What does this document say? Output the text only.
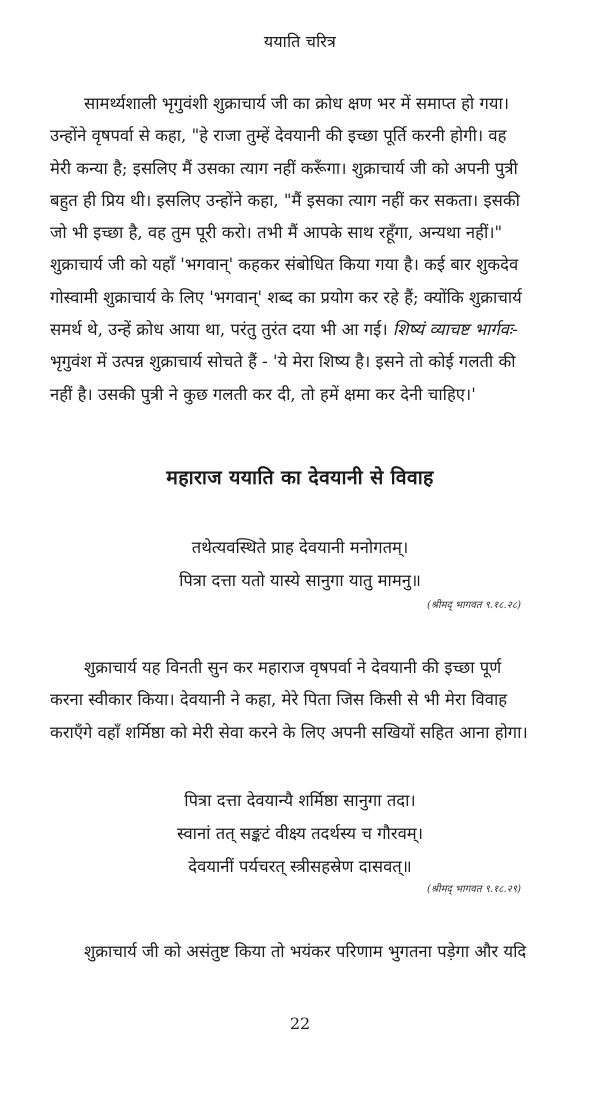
ययाति चरित्र
सामर्थ्यशाली भृगुवंशी शुक्राचार्य जी का क्रोध क्षण भर में समाप्त हो गया।
उन्होंने वृषपर्वा से कहा, "हे राजा तुम्हें देवयानी की इच्छा पूर्ति करनी होगी। वह
मेरी कन्या है; इसलिए मैं उसका त्याग नहीं करूँगा। शुक्राचार्य जी को अपनी पुत्री
बहुत ही प्रिय थी। इसलिए उन्होंने कहा, "मैं इसका त्याग नहीं कर सकता। इसकी
जो भी इच्छा है, वह तुम पूरी करो। तभी मैं आपके साथ रहूँगा, अन्यथा नहीं।"
शुक्राचार्य जी को यहाँ 'भगवान्' कहकर संबोधित किया गया है। कई बार शुकदेव
गोस्वामी शुक्राचार्य के लिए 'भगवान्' शब्द का प्रयोग कर रहे हैं; क्योंकि शुक्राचार्य
समर्थ थे, उन्हें क्रोध आया था, परंतु तुरंत दया भी आ गई। शिष्यं व्याचष्ट भार्गवः-
भृगुवंश में उत्पन्न शुक्राचार्य सोचते हैं - 'ये मेरा शिष्य है। इसने तो कोई गलती की
नहीं है। उसकी पुत्री ने कुछ गलती कर दी, तो हमें क्षमा कर देनी चाहिए।'
महाराज ययाति का देवयानी से विवाह
तथेत्यवस्थिते प्राह देवयानी मनोगतम्।
पित्रा दत्ता यतो यास्ये सानुगा यातु मामनु॥
(श्रीमद् भागवत ९.१८.२८)
शुक्राचार्य यह विनती सुन कर महाराज वृषपर्वा ने देवयानी की इच्छा पूर्ण
करना स्वीकार किया। देवयानी ने कहा, मेरे पिता जिस किसी से भी मेरा विवाह
कराएँगे वहाँ शर्मिष्ठा को मेरी सेवा करने के लिए अपनी सखियों सहित आना होगा।
पित्रा दत्ता देवयान्यै शर्मिष्ठा सानुगा तदा।
स्वानां तत् सङ्कटं वीक्ष्य तदर्थस्य च गौरवम्।
देवयानीं पर्यचरत् स्त्रीसहस्रेण दासवत्॥
(श्रीमद् भागवत ९.१८.२९)
शुक्राचार्य जी को असंतुष्ट किया तो भयंकर परिणाम भुगतना पड़ेगा और यदि
22
